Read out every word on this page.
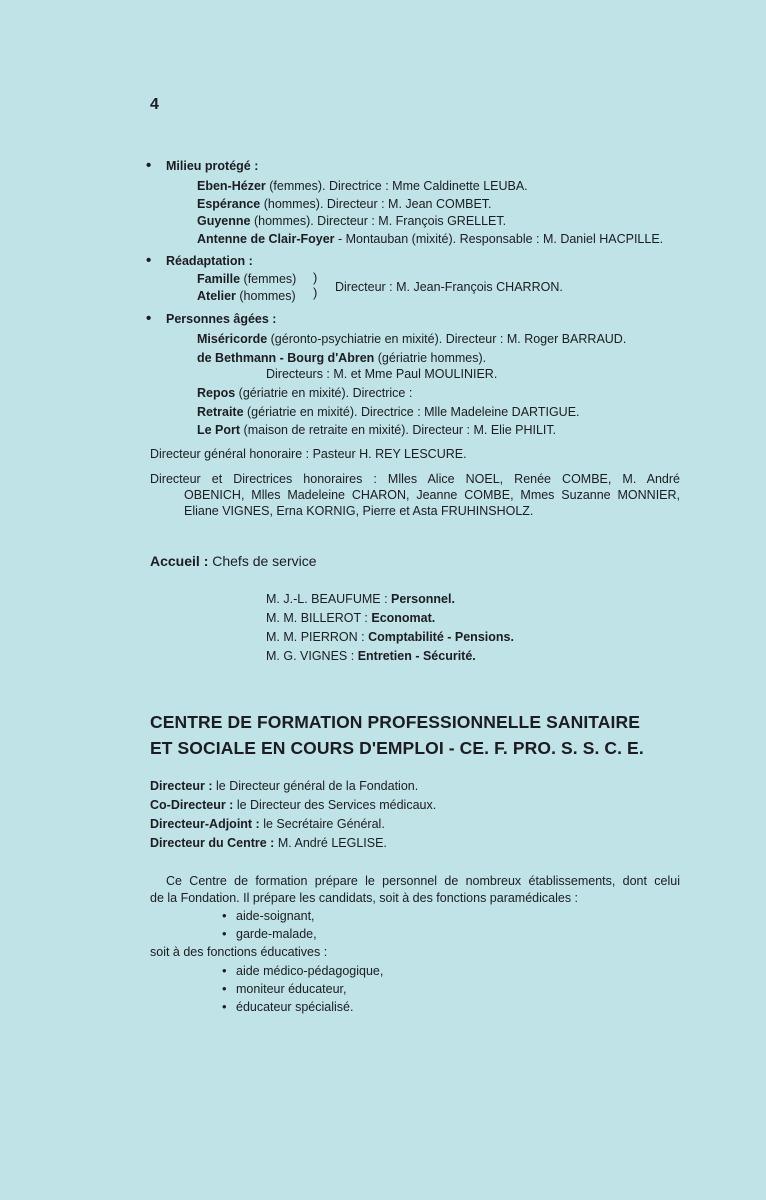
4
• Milieu protégé :
Eben-Hézer (femmes). Directrice : Mme Caldinette LEUBA.
Espérance (hommes). Directeur : M. Jean COMBET.
Guyenne (hommes). Directeur : M. François GRELLET.
Antenne de Clair-Foyer - Montauban (mixité). Responsable : M. Daniel HACPILLE.
• Réadaptation :
Famille (femmes)
Atelier (hommes)
)
) Directeur : M. Jean-François CHARRON.
• Personnes âgées :
Miséricorde (géronto-psychiatrie en mixité). Directeur : M. Roger BARRAUD.
de Bethmann - Bourg d'Abren (gériatrie hommes).
Directeurs : M. et Mme Paul MOULINIER.
Repos (gériatrie en mixité). Directrice :
Retraite (gériatrie en mixité). Directrice : Mlle Madeleine DARTIGUE.
Le Port (maison de retraite en mixité). Directeur : M. Elie PHILIT.
Directeur général honoraire : Pasteur H. REY LESCURE.
Directeur et Directrices honoraires : Mlles Alice NOEL, Renée COMBE, M. André
OBENICH, Mlles Madeleine CHARON, Jeanne COMBE, Mmes Suzanne MONNIER,
Eliane VIGNES, Erna KORNIG, Pierre et Asta FRUHINSHOLZ.
Accueil : Chefs de service
M. J.-L. BEAUFUME : Personnel.
M. M. BILLEROT : Economat.
M. M. PIERRON : Comptabilité - Pensions.
M. G. VIGNES : Entretien - Sécurité.
CENTRE DE FORMATION PROFESSIONNELLE SANITAIRE
ET SOCIALE EN COURS D'EMPLOI - CE. F. PRO. S. S. C. E.
Directeur : le Directeur général de la Fondation.
Co-Directeur : le Directeur des Services médicaux.
Directeur-Adjoint : le Secrétaire Général.
Directeur du Centre : M. André LEGLISE.
Ce Centre de formation prépare le personnel de nombreux établissements, dont celui
de la Fondation. Il prépare les candidats, soit à des fonctions paramédicales :
• aide-soignant,
• garde-malade,
soit à des fonctions éducatives :
• aide médico-pédagogique,
• moniteur éducateur,
• éducateur spécialisé.
